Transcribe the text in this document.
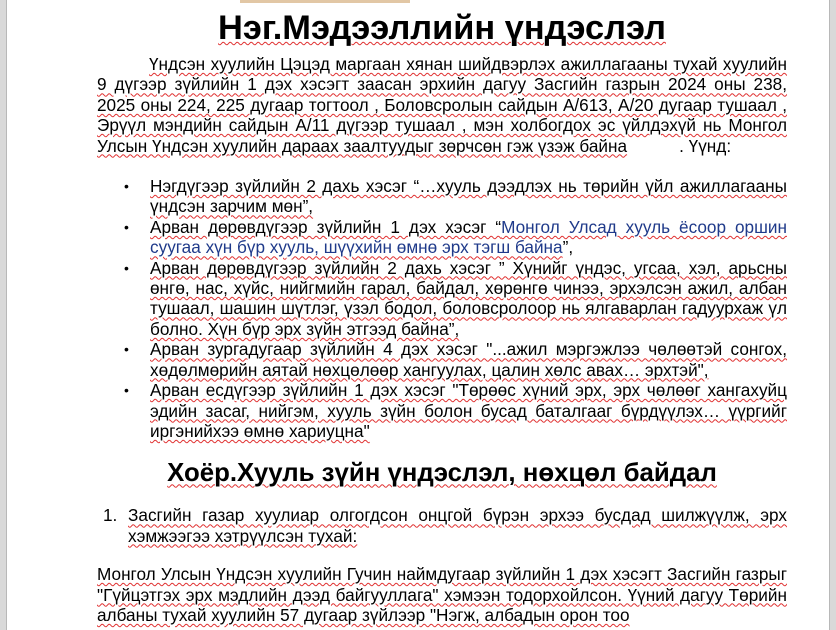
Нэг.Мэдээллийн үндэслэл

Үндсэн хуулийн Цэцэд маргаан хянан шийдвэрлэх ажиллагааны тухай хуулийн 9 дүгээр зүйлийн 1 дэх хэсэгт заасан эрхийн дагуу Засгийн газрын 2024 оны 238, 2025 оны 224, 225 дугаар тогтоол , Боловсролын сайдын А/613, А/20 дугаар тушаал , Эрүүл мэндийн сайдын А/11 дүгээр тушаал , мэн холбогдох эс үйлдэхүй нь Монгол Улсын Үндсэн хуулийн дараах заалтуудыг зөрчсөн гэж үзэж байна	. Үүнд:

• Нэгдүгээр зүйлийн 2 дахь хэсэг “…хууль дээдлэх нь төрийн үйл ажиллагааны үндсэн зарчим мөн”,
• Арван дөрөвдүгээр зүйлийн 1 дэх хэсэг “Монгол Улсад хууль ёсоор оршин суугаа хүн бүр хууль, шүүхийн өмнө эрх тэгш байна”,
• Арван дөрөвдүгээр зүйлийн 2 дахь хэсэг ” Хүнийг үндэс, угсаа, хэл, арьсны өнгө, нас, хүйс, нийгмийн гарал, байдал, хөрөнгө чинээ, эрхэлсэн ажил, албан тушаал, шашин шүтлэг, үзэл бодол, боловсролоор нь ялгаварлан гадуурхаж үл болно. Хүн бүр эрх зүйн этгээд байна”,
• Арван зургадугаар зүйлийн 4 дэх хэсэг "...ажил мэргэжлээ чөлөөтэй сонгох, хөдөлмөрийн аятай нөхцөлөөр хангуулах, цалин хөлс авах… эрхтэй",
• Арван есдүгээр зүйлийн 1 дэх хэсэг "Төрөөс хүний эрх, эрх чөлөөг хангахуйц эдийн засаг, нийгэм, хууль зүйн болон бусад баталгааг бүрдүүлэх… үүргийг иргэнийхээ өмнө хариуцна"
Хоёр.Хууль зүйн үндэслэл, нөхцөл байдал
1. Засгийн газар хуулиар олгогдсон онцгой бүрэн эрхээ бусдад шилжүүлж, эрх хэмжээгээ хэтрүүлсэн тухай:

Монгол Улсын Үндсэн хуулийн Гучин наймдугаар зүйлийн 1 дэх хэсэгт Засгийн газрыг "Гүйцэтгэх эрх мэдлийн дээд байгууллага" хэмээн тодорхойлсон. Үүний дагуу Төрийн албаны тухай хуулийн 57 дугаар зүйлээр "Нэгж, албадын орон тоо
